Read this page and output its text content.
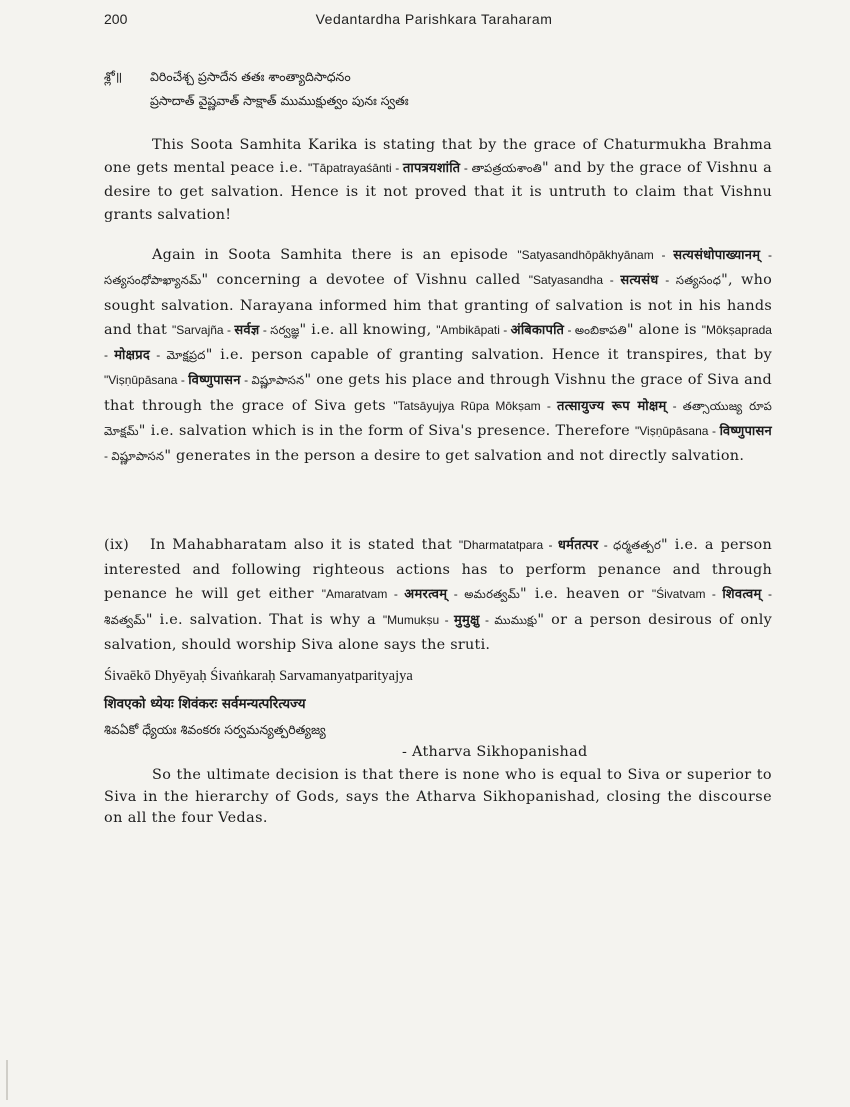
200	Vedantardha Parishkara Taraharam
శ్లో॥ విరించేశ్చ ప్రసాదేన తతః శాంత్యాదిసాధనం
ప్రసాదాత్ వైష్ణవాత్ సాక్షాత్ ముముక్షుత్వం పునః స్వతః
This Soota Samhita Karika is stating that by the grace of Chaturmukha Brahma one gets mental peace i.e. "Tāpatrayaśānti - तापत्रयशांति - తాపత్రయశాంతి" and by the grace of Vishnu a desire to get salvation. Hence is it not proved that it is untruth to claim that Vishnu grants salvation!
Again in Soota Samhita there is an episode "Satyasandhōpākhyānam - सत्यसंधोपाख्यानम् - సత్యసంధోపాఖ్యానమ్" concerning a devotee of Vishnu called "Satyasandha - सत्यसंध - సత్యసంధ", who sought salvation. Narayana informed him that granting of salvation is not in his hands and that "Sarvajña - सर्वज्ञ - సర్వజ్ఞ" i.e. all knowing, "Ambikāpati - अंबिकापति - అంబికాపతి" alone is "Mōkṣaprada - मोक्षप्रद - మోక్షప్రద" i.e. person capable of granting salvation. Hence it transpires, that by "Viṣṇūpāsana - विष्णुपासन - విష్ణూపాసన" one gets his place and through Vishnu the grace of Siva and that through the grace of Siva gets "Tatsāyujya Rūpa Mōkṣam - तत्सायुज्य रूप मोक्षम् - తత్సాయుజ్య రూప మోక్షమ్" i.e. salvation which is in the form of Siva's presence. Therefore "Viṣṇūpāsana - विष्णुपासन - విష్ణూపాసన" generates in the person a desire to get salvation and not directly salvation.
(ix) In Mahabharatam also it is stated that "Dharmatatpara - धर्मतत्पर - ధర్మతత్పర" i.e. a person interested and following righteous actions has to perform penance and through penance he will get either "Amaratvam - अमरत्वम् - అమరత్వమ్" i.e. heaven or "Śivatvam - शिवत्वम् - శివత్వమ్" i.e. salvation. That is why a "Mumukṣu - मुमुक्षु - ముముక్షు" or a person desirous of only salvation, should worship Siva alone says the sruti.
Śivaēkō Dhyēyaḥ Śivaṅkaraḥ Sarvamanyatparityajya
शिवएको ध्येयः शिवंकरः सर्वमन्यत्परित्यज्य
శివఏకో ధ్యేయః శివంకరః సర్వమన్యత్పరిత్యజ్య
- Atharva Sikhopanishad
So the ultimate decision is that there is none who is equal to Siva or superior to Siva in the hierarchy of Gods, says the Atharva Sikhopanishad, closing the discourse on all the four Vedas.
